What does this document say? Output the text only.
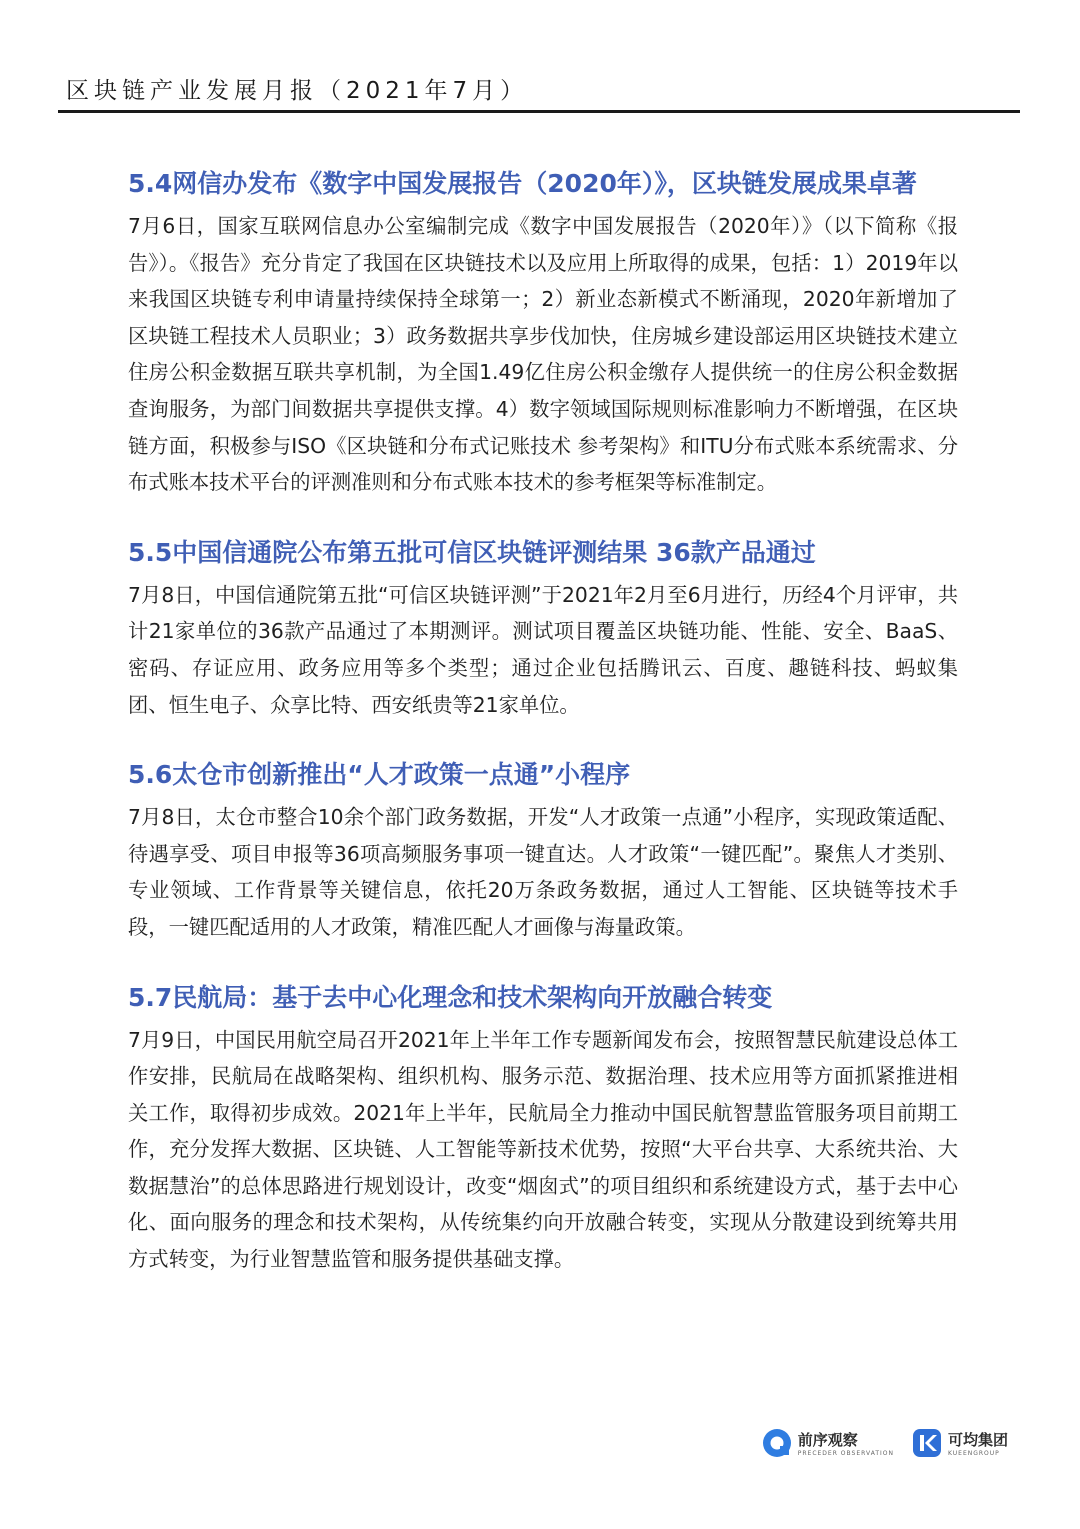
区块链产业发展月报（2021年7月）
5.4网信办发布《数字中国发展报告（2020年）》，区块链发展成果卓著

7月6日，国家互联网信息办公室编制完成《数字中国发展报告（2020年）》（以下简称《报告》）。《报告》充分肯定了我国在区块链技术以及应用上所取得的成果，包括：1）2019年以来我国区块链专利申请量持续保持全球第一；2）新业态新模式不断涌现，2020年新增加了区块链工程技术人员职业；3）政务数据共享步伐加快，住房城乡建设部运用区块链技术建立住房公积金数据互联共享机制，为全国1.49亿住房公积金缴存人提供统一的住房公积金数据查询服务，为部门间数据共享提供支撑。4）数字领域国际规则标准影响力不断增强，在区块链方面，积极参与ISO《区块链和分布式记账技术 参考架构》和ITU分布式账本系统需求、分布式账本技术平台的评测准则和分布式账本技术的参考框架等标准制定。

5.5中国信通院公布第五批可信区块链评测结果 36款产品通过

7月8日，中国信通院第五批“可信区块链评测”于2021年2月至6月进行，历经4个月评审，共计21家单位的36款产品通过了本期测评。测试项目覆盖区块链功能、性能、安全、BaaS、密码、存证应用、政务应用等多个类型；通过企业包括腾讯云、百度、趣链科技、蚂蚁集团、恒生电子、众享比特、西安纸贵等21家单位。

5.6太仓市创新推出“人才政策一点通”小程序

7月8日，太仓市整合10余个部门政务数据，开发“人才政策一点通”小程序，实现政策适配、待遇享受、项目申报等36项高频服务事项一键直达。人才政策“一键匹配”。聚焦人才类别、专业领域、工作背景等关键信息，依托20万条政务数据，通过人工智能、区块链等技术手段，一键匹配适用的人才政策，精准匹配人才画像与海量政策。

5.7民航局：基于去中心化理念和技术架构向开放融合转变

7月9日，中国民用航空局召开2021年上半年工作专题新闻发布会，按照智慧民航建设总体工作安排，民航局在战略架构、组织机构、服务示范、数据治理、技术应用等方面抓紧推进相关工作，取得初步成效。2021年上半年，民航局全力推动中国民航智慧监管服务项目前期工作，充分发挥大数据、区块链、人工智能等新技术优势，按照“大平台共享、大系统共治、大数据慧治”的总体思路进行规划设计，改变“烟囱式”的项目组织和系统建设方式，基于去中心化、面向服务的理念和技术架构，从传统集约向开放融合转变，实现从分散建设到统筹共用方式转变，为行业智慧监管和服务提供基础支撑。

前序观察
PRECEDER OBSERVATION
可均集团
KUEENGROUP
